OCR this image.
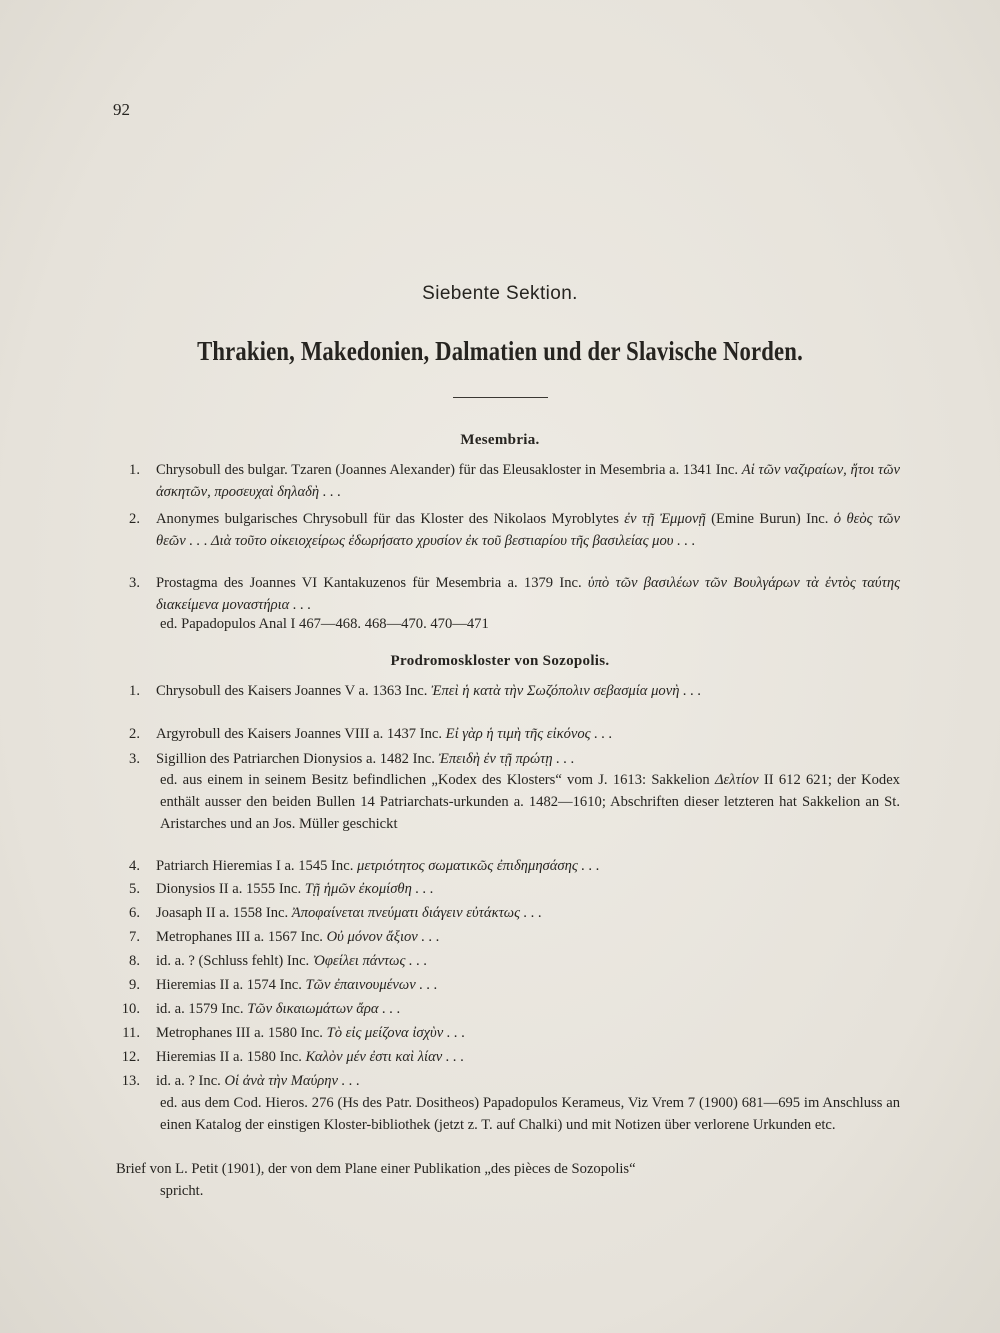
92
Siebente Sektion.
Thrakien, Makedonien, Dalmatien und der Slavische Norden.
Mesembria.
1. Chrysobull des bulgar. Tzaren (Joannes Alexander) für das Eleusakloster in Mesembria a. 1341 Inc. Αἱ τῶν ναζιραίων, ἤτοι τῶν ἀσκητῶν, προσευχαὶ δηλαδὴ . . .
2. Anonymes bulgarisches Chrysobull für das Kloster des Nikolaos Myroblytes ἐν τῇ Ἐμμονῇ (Emine Burun) Inc. ὁ θεὸς τῶν θεῶν . . . Διὰ τοῦτο οἰκειοχείρως ἐδωρήσατο χρυσίον ἐκ τοῦ βεστιαρίου τῆς βασιλείας μου . . .
3. Prostagma des Joannes VI Kantakuzenos für Mesembria a. 1379 Inc. ὑπὸ τῶν βασιλέων τῶν Βουλγάρων τὰ ἐντὸς ταύτης διακείμενα μοναστήρια . . .
ed. Papadopulos Anal I 467—468. 468—470. 470—471
Prodromoskloster von Sozopolis.
1. Chrysobull des Kaisers Joannes V a. 1363 Inc. Ἐπεὶ ἡ κατὰ τὴν Σωζόπολιν σεβασμία μονὴ . . .
2. Argyrobull des Kaisers Joannes VIII a. 1437 Inc. Εἰ γὰρ ἡ τιμὴ τῆς εἰκόνος . . .
3. Sigillion des Patriarchen Dionysios a. 1482 Inc. Ἐπειδὴ ἐν τῇ πρώτῃ . . .
ed. aus einem in seinem Besitz befindlichen „Kodex des Klosters“ vom J. 1613: Sakkelion Δελτίον II 612 621; der Kodex enthält ausser den beiden Bullen 14 Patriarchats-urkunden a. 1482—1610; Abschriften dieser letzteren hat Sakkelion an St. Aristarches und an Jos. Müller geschickt
4. Patriarch Hieremias I a. 1545 Inc. μετριότητος σωματικῶς ἐπιδημησάσης . . .
5. Dionysios II a. 1555 Inc. Τῇ ἡμῶν ἐκομίσθη . . .
6. Joasaph II a. 1558 Inc. Ἀποφαίνεται πνεύματι διάγειν εὐτάκτως . . .
7. Metrophanes III a. 1567 Inc. Οὐ μόνον ἄξιον . . .
8. id. a. ? (Schluss fehlt) Inc. Ὀφείλει πάντως . . .
9. Hieremias II a. 1574 Inc. Τῶν ἐπαινουμένων . . .
10. id. a. 1579 Inc. Τῶν δικαιωμάτων ἄρα . . .
11. Metrophanes III a. 1580 Inc. Τὸ εἰς μείζονα ἰσχὺν . . .
12. Hieremias II a. 1580 Inc. Καλὸν μέν ἐστι καὶ λίαν . . .
13. id. a. ? Inc. Οἱ ἀνὰ τὴν Μαύρην . . .
ed. aus dem Cod. Hieros. 276 (Hs des Patr. Dositheos) Papadopulos Kerameus, Viz Vrem 7 (1900) 681—695 im Anschluss an einen Katalog der einstigen Kloster-bibliothek (jetzt z. T. auf Chalki) und mit Notizen über verlorene Urkunden etc.
Brief von L. Petit (1901), der von dem Plane einer Publikation „des pièces de Sozopolis“
spricht.
